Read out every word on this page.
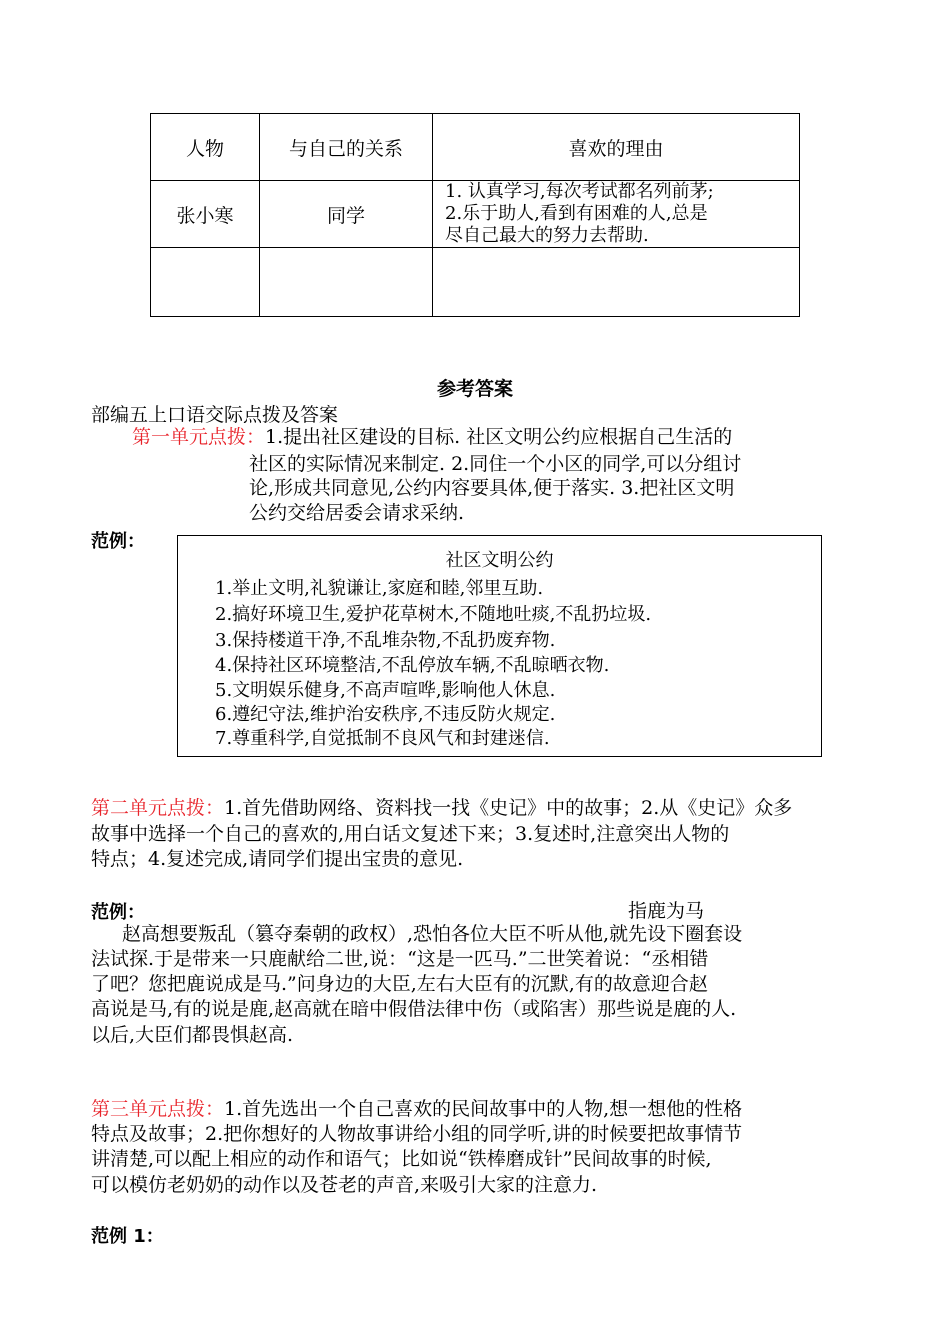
人物	与自己的关系	喜欢的理由
张小寒	同学	1. 认真学习,每次考试都名列前茅;
2.乐于助人,看到有困难的人,总是
尽自己最大的努力去帮助.

参考答案
部编五上口语交际点拨及答案
第一单元点拨：1.提出社区建设的目标. 社区文明公约应根据自己生活的
社区的实际情况来制定. 2.同住一个小区的同学,可以分组讨
论,形成共同意见,公约内容要具体,便于落实. 3.把社区文明
公约交给居委会请求采纳.
范例：
社区文明公约
1.举止文明,礼貌谦让,家庭和睦,邻里互助.
2.搞好环境卫生,爱护花草树木,不随地吐痰,不乱扔垃圾.
3.保持楼道干净,不乱堆杂物,不乱扔废弃物.
4.保持社区环境整洁,不乱停放车辆,不乱晾晒衣物.
5.文明娱乐健身,不高声喧哗,影响他人休息.
6.遵纪守法,维护治安秩序,不违反防火规定.
7.尊重科学,自觉抵制不良风气和封建迷信.
第二单元点拨：1.首先借助网络、资料找一找《史记》中的故事；2.从《史记》众多
故事中选择一个自己的喜欢的,用白话文复述下来；3.复述时,注意突出人物的
特点；4.复述完成,请同学们提出宝贵的意见.
范例：	指鹿为马
赵高想要叛乱（篡夺秦朝的政权）,恐怕各位大臣不听从他,就先设下圈套设
法试探.于是带来一只鹿献给二世,说：“这是一匹马.”二世笑着说：“丞相错
了吧？您把鹿说成是马.”问身边的大臣,左右大臣有的沉默,有的故意迎合赵
高说是马,有的说是鹿,赵高就在暗中假借法律中伤（或陷害）那些说是鹿的人.
以后,大臣们都畏惧赵高.
第三单元点拨：1.首先选出一个自己喜欢的民间故事中的人物,想一想他的性格
特点及故事；2.把你想好的人物故事讲给小组的同学听,讲的时候要把故事情节
讲清楚,可以配上相应的动作和语气；比如说“铁棒磨成针”民间故事的时候,
可以模仿老奶奶的动作以及苍老的声音,来吸引大家的注意力.
范例 1：
